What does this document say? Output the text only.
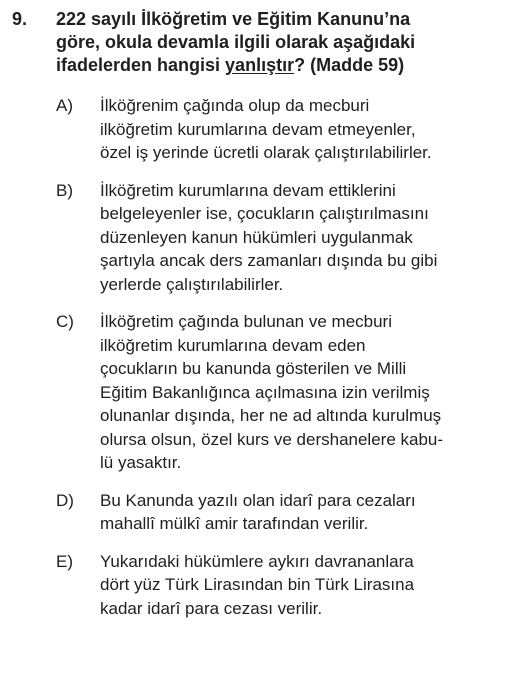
9. 222 sayılı İlköğretim ve Eğitim Kanunu’na
göre, okula devamla ilgili olarak aşağıdaki
ifadelerden hangisi yanlıştır? (Madde 59)
A) İlköğrenim çağında olup da mecburi
ilköğretim kurumlarına devam etmeyenler,
özel iş yerinde ücretli olarak çalıştırılabilirler.
B) İlköğretim kurumlarına devam ettiklerini
belgeleyenler ise, çocukların çalıştırılmasını
düzenleyen kanun hükümleri uygulanmak
şartıyla ancak ders zamanları dışında bu gibi
yerlerde çalıştırılabilirler.
C) İlköğretim çağında bulunan ve mecburi
ilköğretim kurumlarına devam eden
çocukların bu kanunda gösterilen ve Milli
Eğitim Bakanlığınca açılmasına izin verilmiş
olunanlar dışında, her ne ad altında kurulmuş
olursa olsun, özel kurs ve dershanelere kabu-
lü yasaktır.
D) Bu Kanunda yazılı olan idarî para cezaları
mahallî mülkî amir tarafından verilir.
E) Yukarıdaki hükümlere aykırı davrananlara
dört yüz Türk Lirasından bin Türk Lirasına
kadar idarî para cezası verilir.
